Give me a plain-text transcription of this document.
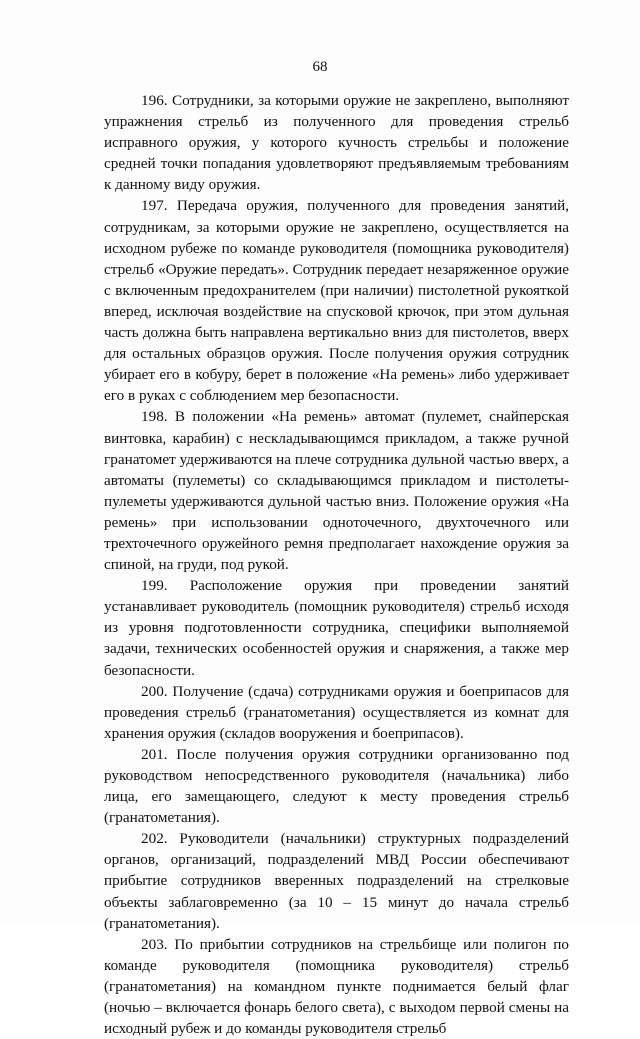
68

196. Сотрудники, за которыми оружие не закреплено, выполняют упражнения стрельб из полученного для проведения стрельб исправного оружия, у которого кучность стрельбы и положение средней точки попадания удовлетворяют предъявляемым требованиям к данному виду оружия.

197. Передача оружия, полученного для проведения занятий, сотрудникам, за которыми оружие не закреплено, осуществляется на исходном рубеже по команде руководителя (помощника руководителя) стрельб «Оружие передать». Сотрудник передает незаряженное оружие с включенным предохранителем (при наличии) пистолетной рукояткой вперед, исключая воздействие на спусковой крючок, при этом дульная часть должна быть направлена вертикально вниз для пистолетов, вверх для остальных образцов оружия. После получения оружия сотрудник убирает его в кобуру, берет в положение «На ремень» либо удерживает его в руках с соблюдением мер безопасности.

198. В положении «На ремень» автомат (пулемет, снайперская винтовка, карабин) с нескладывающимся прикладом, а также ручной гранатомет удерживаются на плече сотрудника дульной частью вверх, а автоматы (пулеметы) со складывающимся прикладом и пистолеты-пулеметы удерживаются дульной частью вниз. Положение оружия «На ремень» при использовании одноточечного, двухточечного или трехточечного оружейного ремня предполагает нахождение оружия за спиной, на груди, под рукой.

199. Расположение оружия при проведении занятий устанавливает руководитель (помощник руководителя) стрельб исходя из уровня подготовленности сотрудника, специфики выполняемой задачи, технических особенностей оружия и снаряжения, а также мер безопасности.

200. Получение (сдача) сотрудниками оружия и боеприпасов для проведения стрельб (гранатометания) осуществляется из комнат для хранения оружия (складов вооружения и боеприпасов).

201. После получения оружия сотрудники организованно под руководством непосредственного руководителя (начальника) либо лица, его замещающего, следуют к месту проведения стрельб (гранатометания).

202. Руководители (начальники) структурных подразделений органов, организаций, подразделений МВД России обеспечивают прибытие сотрудников вверенных подразделений на стрелковые объекты заблаговременно (за 10 – 15 минут до начала стрельб (гранатометания).

203. По прибытии сотрудников на стрельбище или полигон по команде руководителя (помощника руководителя) стрельб (гранатометания) на командном пункте поднимается белый флаг (ночью – включается фонарь белого света), с выходом первой смены на исходный рубеж и до команды руководителя стрельб
